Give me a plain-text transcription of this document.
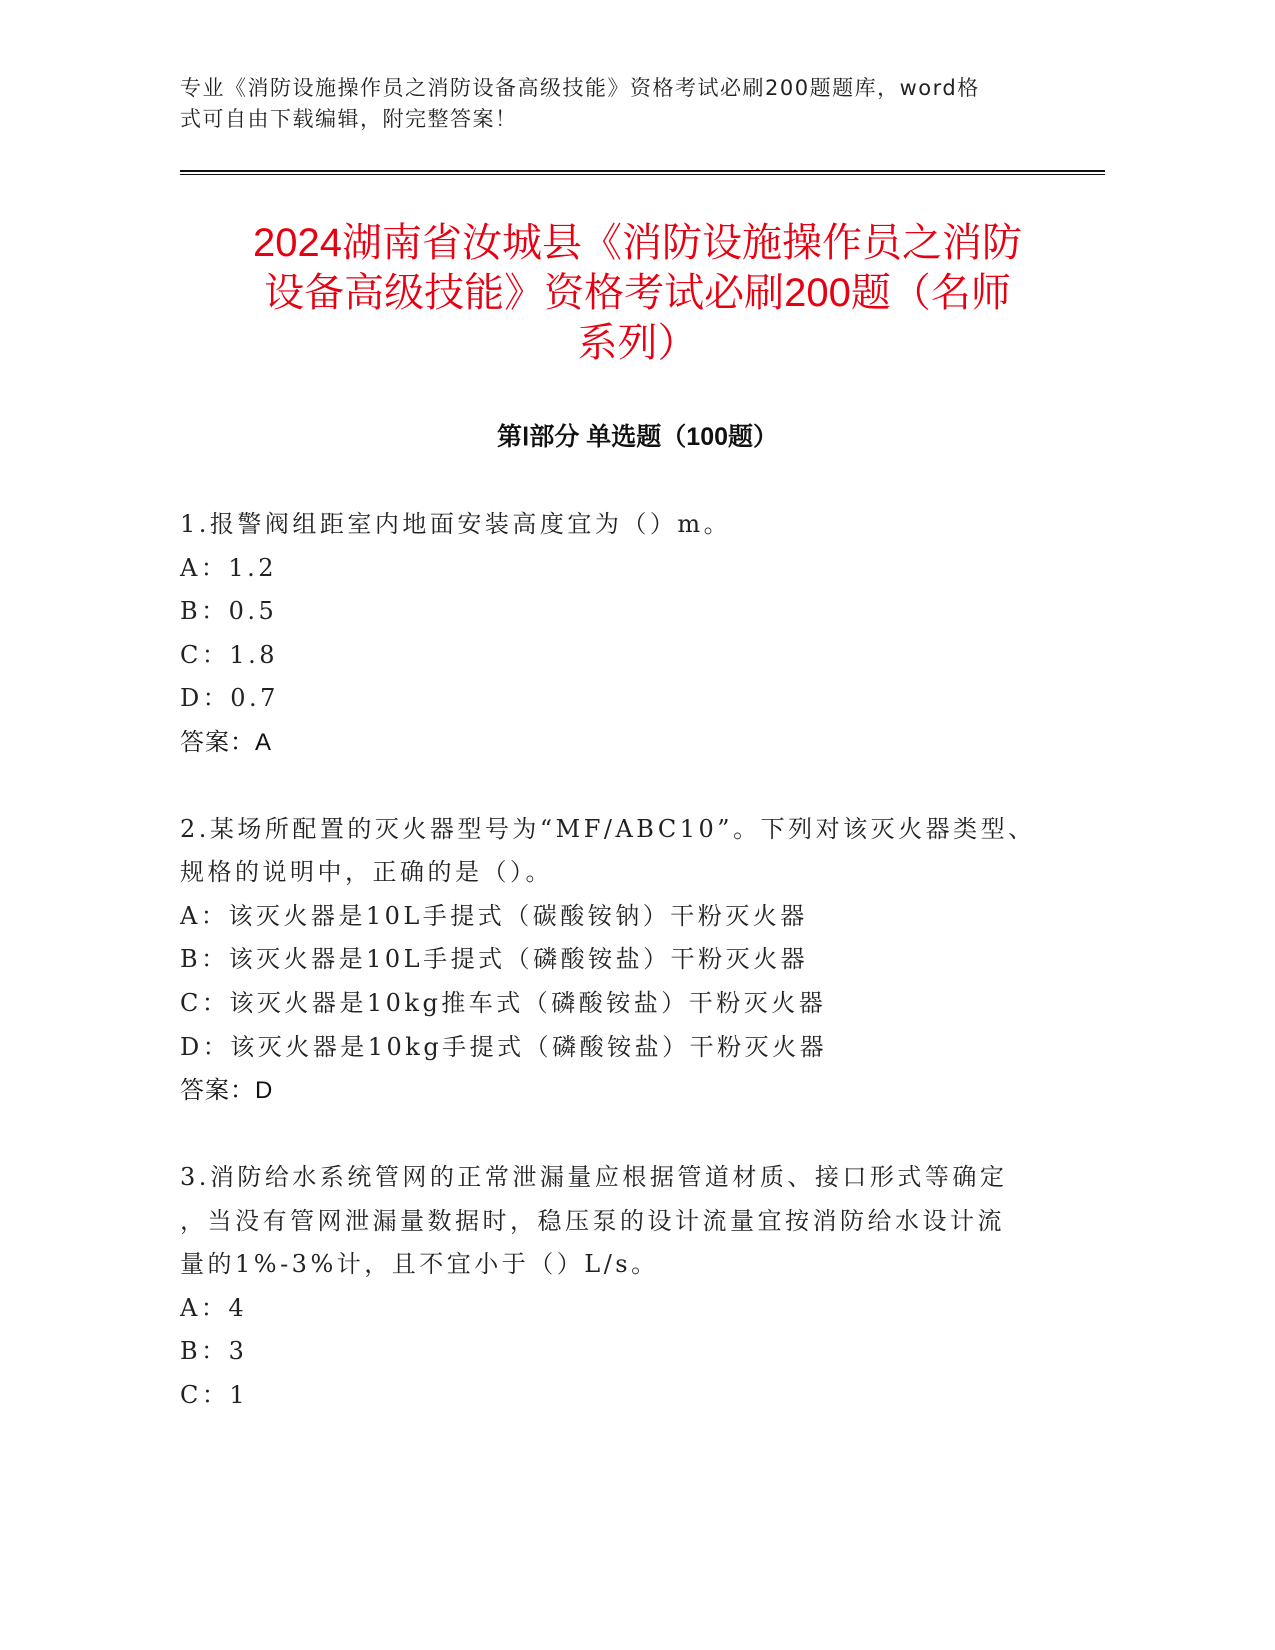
专业《消防设施操作员之消防设备高级技能》资格考试必刷200题题库，word格
式可自由下载编辑，附完整答案！
2024湖南省汝城县《消防设施操作员之消防
设备高级技能》资格考试必刷200题（名师
系列）
第Ⅰ部分 单选题（100题）
1.报警阀组距室内地面安装高度宜为（）m。
A：1.2
B：0.5
C：1.8
D：0.7
答案：A
2.某场所配置的灭火器型号为“MF/ABC10”。下列对该灭火器类型、
规格的说明中，正确的是（）。
A：该灭火器是10L手提式（碳酸铵钠）干粉灭火器
B：该灭火器是10L手提式（磷酸铵盐）干粉灭火器
C：该灭火器是10kg推车式（磷酸铵盐）干粉灭火器
D：该灭火器是10kg手提式（磷酸铵盐）干粉灭火器
答案：D
3.消防给水系统管网的正常泄漏量应根据管道材质、接口形式等确定
，当没有管网泄漏量数据时，稳压泵的设计流量宜按消防给水设计流
量的1%-3%计，且不宜小于（）L/s。
A：4
B：3
C：1
